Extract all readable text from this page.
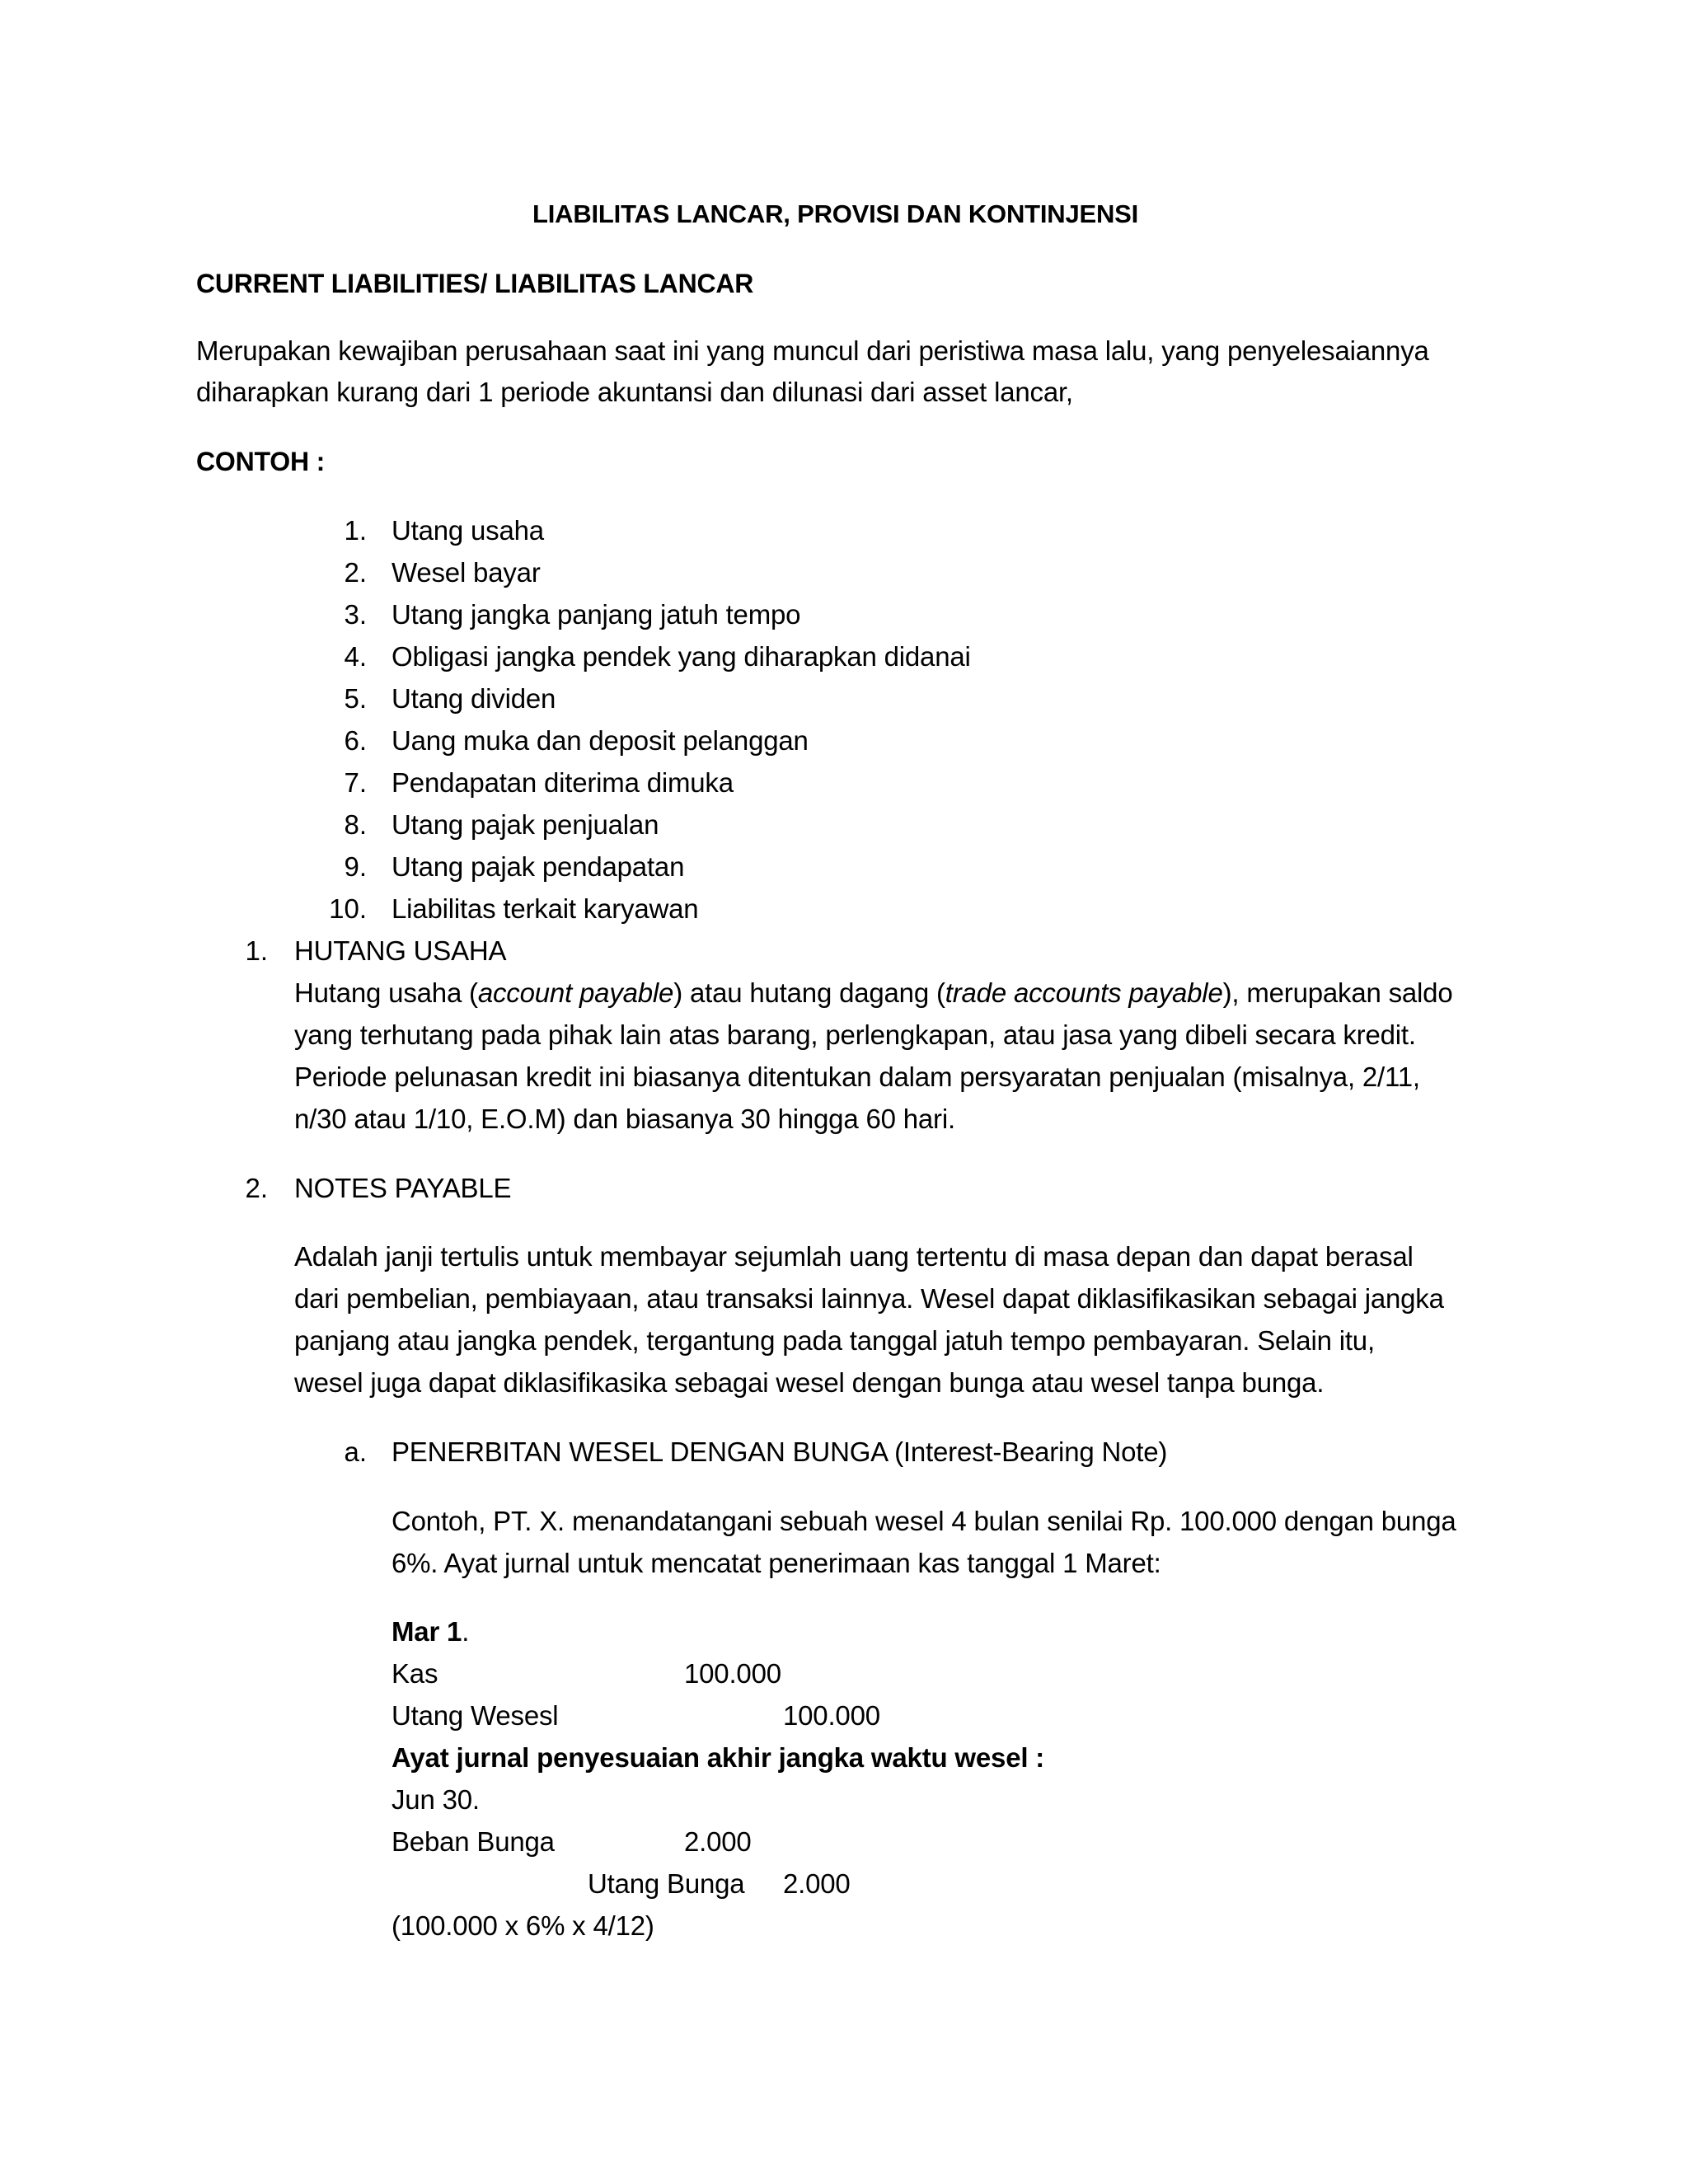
LIABILITAS LANCAR, PROVISI DAN KONTINJENSI
CURRENT LIABILITIES/ LIABILITAS LANCAR
Merupakan kewajiban perusahaan saat ini yang muncul dari peristiwa masa lalu, yang penyelesaiannya
diharapkan kurang dari 1 periode akuntansi dan dilunasi dari asset lancar,
CONTOH :
1. Utang usaha
2. Wesel bayar
3. Utang jangka panjang jatuh tempo
4. Obligasi jangka pendek yang diharapkan didanai
5. Utang dividen
6. Uang muka dan deposit pelanggan
7. Pendapatan diterima dimuka
8. Utang pajak penjualan
9. Utang pajak pendapatan
10. Liabilitas terkait karyawan
1. HUTANG USAHA
Hutang usaha (account payable) atau hutang dagang (trade accounts payable), merupakan saldo
yang terhutang pada pihak lain atas barang, perlengkapan, atau jasa yang dibeli secara kredit.
Periode pelunasan kredit ini biasanya ditentukan dalam persyaratan penjualan (misalnya, 2/11,
n/30 atau 1/10, E.O.M) dan biasanya 30 hingga 60 hari.
2. NOTES PAYABLE
Adalah janji tertulis untuk membayar sejumlah uang tertentu di masa depan dan dapat berasal
dari pembelian, pembiayaan, atau transaksi lainnya. Wesel dapat diklasifikasikan sebagai jangka
panjang atau jangka pendek, tergantung pada tanggal jatuh tempo pembayaran. Selain itu,
wesel juga dapat diklasifikasika sebagai wesel dengan bunga atau wesel tanpa bunga.
a. PENERBITAN WESEL DENGAN BUNGA (Interest-Bearing Note)
Contoh, PT. X. menandatangani sebuah wesel 4 bulan senilai Rp. 100.000 dengan bunga
6%. Ayat jurnal untuk mencatat penerimaan kas tanggal 1 Maret:
Mar 1.
Kas	100.000
Utang Wesesl	100.000
Ayat jurnal penyesuaian akhir jangka waktu wesel :
Jun 30.
Beban Bunga	2.000
Utang Bunga 2.000
(100.000 x 6% x 4/12)
